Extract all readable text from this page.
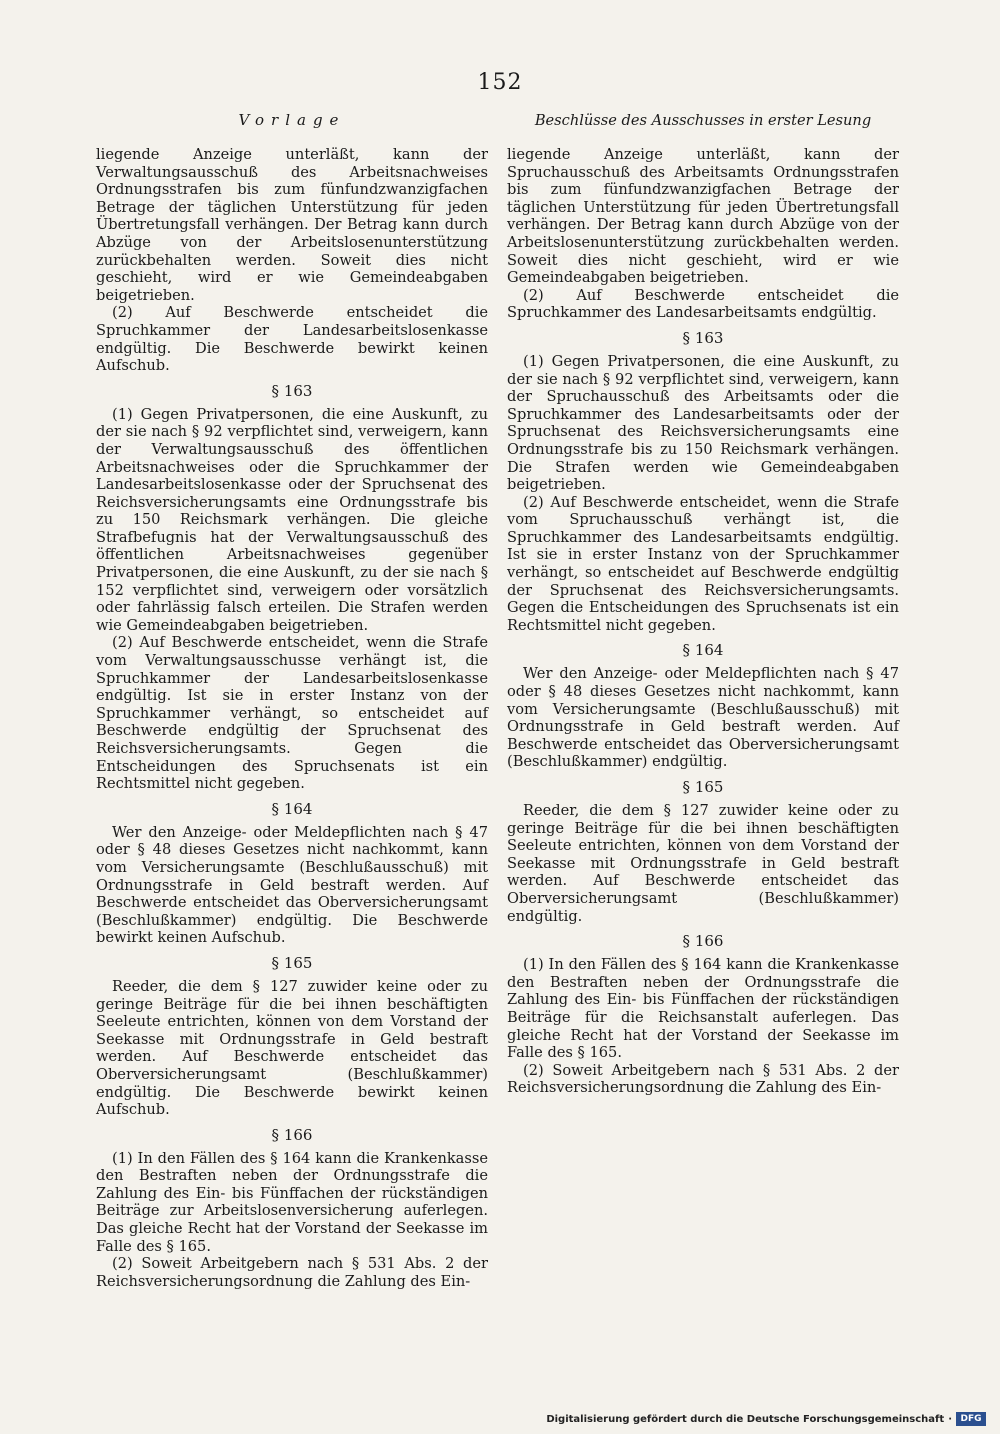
152
Vorlage

liegende Anzeige unterläßt, kann der Verwaltungsausschuß des Arbeitsnachweises Ordnungsstrafen bis zum fünfundzwanzigfachen Betrage der täglichen Unterstützung für jeden Übertretungsfall verhängen. Der Betrag kann durch Abzüge von der Arbeitslosenunterstützung zurückbehalten werden. Soweit dies nicht geschieht, wird er wie Gemeindeabgaben beigetrieben.

(2) Auf Beschwerde entscheidet die Spruchkammer der Landesarbeitslosenkasse endgültig. Die Beschwerde bewirkt keinen Aufschub.

§ 163

(1) Gegen Privatpersonen, die eine Auskunft, zu der sie nach § 92 verpflichtet sind, verweigern, kann der Verwaltungsausschuß des öffentlichen Arbeitsnachweises oder die Spruchkammer der Landesarbeitslosenkasse oder der Spruchsenat des Reichsversicherungsamts eine Ordnungsstrafe bis zu 150 Reichsmark verhängen. Die gleiche Strafbefugnis hat der Verwaltungsausschuß des öffentlichen Arbeitsnachweises gegenüber Privatpersonen, die eine Auskunft, zu der sie nach § 152 verpflichtet sind, verweigern oder vorsätzlich oder fahrlässig falsch erteilen. Die Strafen werden wie Gemeindeabgaben beigetrieben.

(2) Auf Beschwerde entscheidet, wenn die Strafe vom Verwaltungsausschusse verhängt ist, die Spruchkammer der Landesarbeitslosenkasse endgültig. Ist sie in erster Instanz von der Spruchkammer verhängt, so entscheidet auf Beschwerde endgültig der Spruchsenat des Reichsversicherungsamts. Gegen die Entscheidungen des Spruchsenats ist ein Rechtsmittel nicht gegeben.

§ 164

Wer den Anzeige- oder Meldepflichten nach § 47 oder § 48 dieses Gesetzes nicht nachkommt, kann vom Versicherungsamte (Beschlußausschuß) mit Ordnungsstrafe in Geld bestraft werden. Auf Beschwerde entscheidet das Oberversicherungsamt (Beschlußkammer) endgültig. Die Beschwerde bewirkt keinen Aufschub.

§ 165

Reeder, die dem § 127 zuwider keine oder zu geringe Beiträge für die bei ihnen beschäftigten Seeleute entrichten, können von dem Vorstand der Seekasse mit Ordnungsstrafe in Geld bestraft werden. Auf Beschwerde entscheidet das Oberversicherungsamt (Beschlußkammer) endgültig. Die Beschwerde bewirkt keinen Aufschub.

§ 166

(1) In den Fällen des § 164 kann die Krankenkasse den Bestraften neben der Ordnungsstrafe die Zahlung des Ein- bis Fünffachen der rückständigen Beiträge zur Arbeitslosenversicherung auferlegen. Das gleiche Recht hat der Vorstand der Seekasse im Falle des § 165.

(2) Soweit Arbeitgebern nach § 531 Abs. 2 der Reichsversicherungsordnung die Zahlung des Ein-

Beschlüsse des Ausschusses in erster Lesung

liegende Anzeige unterläßt, kann der Spruchausschuß des Arbeitsamts Ordnungsstrafen bis zum fünfundzwanzigfachen Betrage der täglichen Unterstützung für jeden Übertretungsfall verhängen. Der Betrag kann durch Abzüge von der Arbeitslosenunterstützung zurückbehalten werden. Soweit dies nicht geschieht, wird er wie Gemeindeabgaben beigetrieben.

(2) Auf Beschwerde entscheidet die Spruchkammer des Landesarbeitsamts endgültig.

§ 163

(1) Gegen Privatpersonen, die eine Auskunft, zu der sie nach § 92 verpflichtet sind, verweigern, kann der Spruchausschuß des Arbeitsamts oder die Spruchkammer des Landesarbeitsamts oder der Spruchsenat des Reichsversicherungsamts eine Ordnungsstrafe bis zu 150 Reichsmark verhängen. Die Strafen werden wie Gemeindeabgaben beigetrieben.

(2) Auf Beschwerde entscheidet, wenn die Strafe vom Spruchausschuß verhängt ist, die Spruchkammer des Landesarbeitsamts endgültig. Ist sie in erster Instanz von der Spruchkammer verhängt, so entscheidet auf Beschwerde endgültig der Spruchsenat des Reichsversicherungsamts. Gegen die Entscheidungen des Spruchsenats ist ein Rechtsmittel nicht gegeben.

§ 164

Wer den Anzeige- oder Meldepflichten nach § 47 oder § 48 dieses Gesetzes nicht nachkommt, kann vom Versicherungsamte (Beschlußausschuß) mit Ordnungsstrafe in Geld bestraft werden. Auf Beschwerde entscheidet das Oberversicherungsamt (Beschlußkammer) endgültig.

§ 165

Reeder, die dem § 127 zuwider keine oder zu geringe Beiträge für die bei ihnen beschäftigten Seeleute entrichten, können von dem Vorstand der Seekasse mit Ordnungsstrafe in Geld bestraft werden. Auf Beschwerde entscheidet das Oberversicherungsamt (Beschlußkammer) endgültig.

§ 166

(1) In den Fällen des § 164 kann die Krankenkasse den Bestraften neben der Ordnungsstrafe die Zahlung des Ein- bis Fünffachen der rückständigen Beiträge für die Reichsanstalt auferlegen. Das gleiche Recht hat der Vorstand der Seekasse im Falle des § 165.

(2) Soweit Arbeitgebern nach § 531 Abs. 2 der Reichsversicherungsordnung die Zahlung des Ein-

Digitalisierung gefördert durch die Deutsche Forschungsgemeinschaft · DFG
